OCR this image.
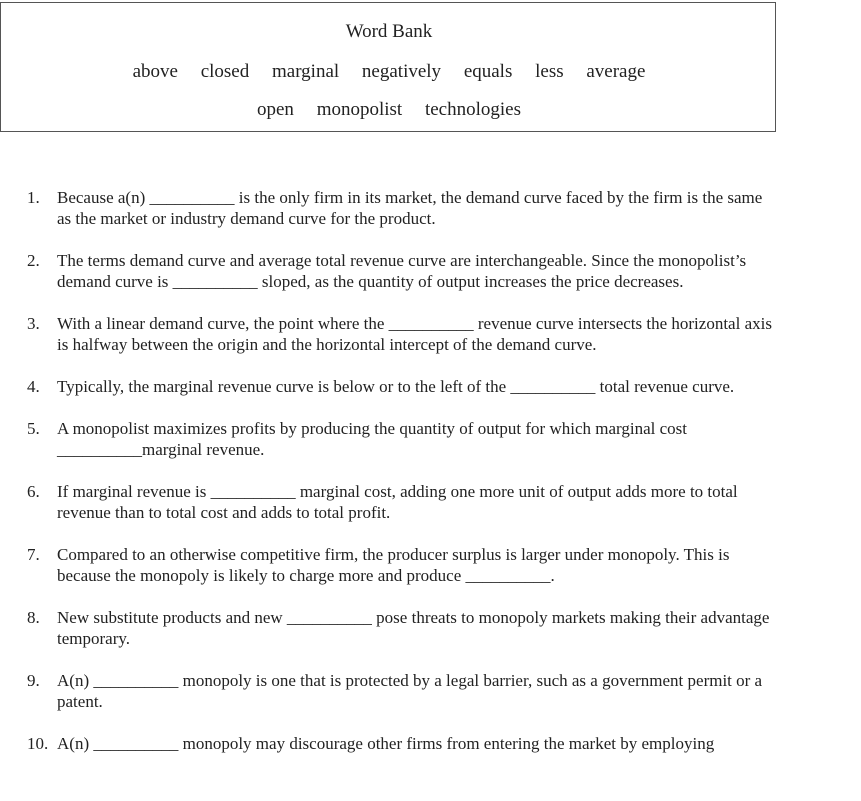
Word Bank
above closed marginal negatively equals less average
open monopolist technologies
1. Because a(n) __________ is the only firm in its market, the demand curve faced by the firm is the same as the market or industry demand curve for the product.
2. The terms demand curve and average total revenue curve are interchangeable. Since the monopolist’s demand curve is __________ sloped, as the quantity of output increases the price decreases.
3. With a linear demand curve, the point where the __________ revenue curve intersects the horizontal axis is halfway between the origin and the horizontal intercept of the demand curve.
4. Typically, the marginal revenue curve is below or to the left of the __________ total revenue curve.
5. A monopolist maximizes profits by producing the quantity of output for which marginal cost __________marginal revenue.
6. If marginal revenue is __________ marginal cost, adding one more unit of output adds more to total revenue than to total cost and adds to total profit.
7. Compared to an otherwise competitive firm, the producer surplus is larger under monopoly. This is because the monopoly is likely to charge more and produce __________.
8. New substitute products and new __________ pose threats to monopoly markets making their advantage temporary.
9. A(n) __________ monopoly is one that is protected by a legal barrier, such as a government permit or a patent.
10. A(n) __________ monopoly may discourage other firms from entering the market by employing
